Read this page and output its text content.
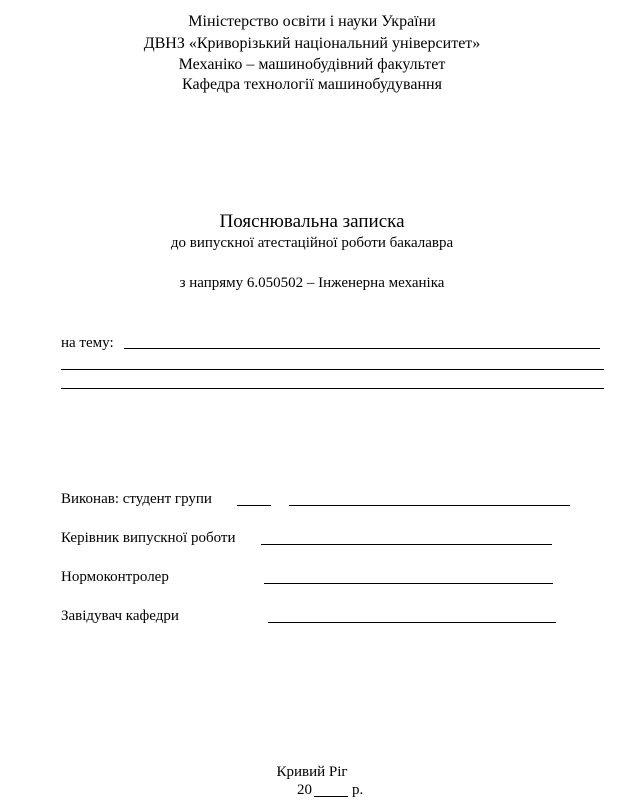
Міністерство освіти і науки України
ДВНЗ «Криворізький національний університет»
Механіко – машинобудівний факультет
Кафедра технології машинобудування
Пояснювальна записка
до випускної атестаційної роботи бакалавра
з напряму 6.050502 – Інженерна механіка
на тему:
Виконав: студент групи
Керівник випускної роботи
Нормоконтролер
Завідувач кафедри
Кривий Ріг
20	р.
